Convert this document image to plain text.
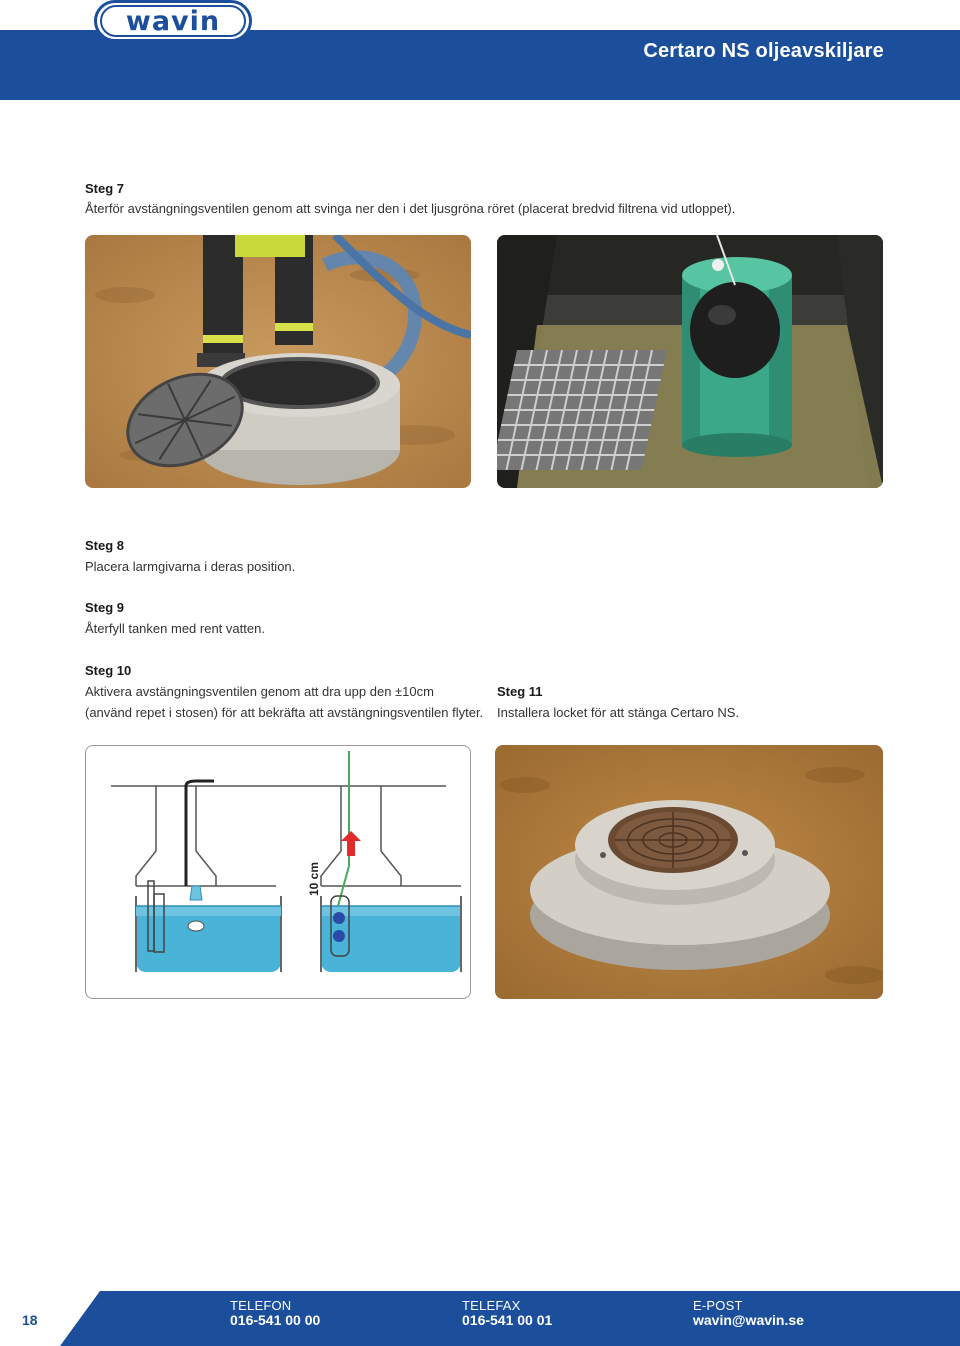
wavin
Certaro NS oljeavskiljare
Steg 7
Återför avstängningsventilen genom att svinga ner den i det ljusgröna röret (placerat bredvid filtrena vid utloppet).
Steg 8
Placera larmgivarna i deras position.
Steg 9
Återfyll tanken med rent vatten.
Steg 10
Aktivera avstängningsventilen genom att dra upp den ±10cm
(använd repet i stosen) för att bekräfta att avstängningsventilen flyter.
Steg 11
Installera locket för att stänga Certaro NS.
10 cm
18
TELEFON
016-541 00 00
TELEFAX
016-541 00 01
E-POST
wavin@wavin.se
